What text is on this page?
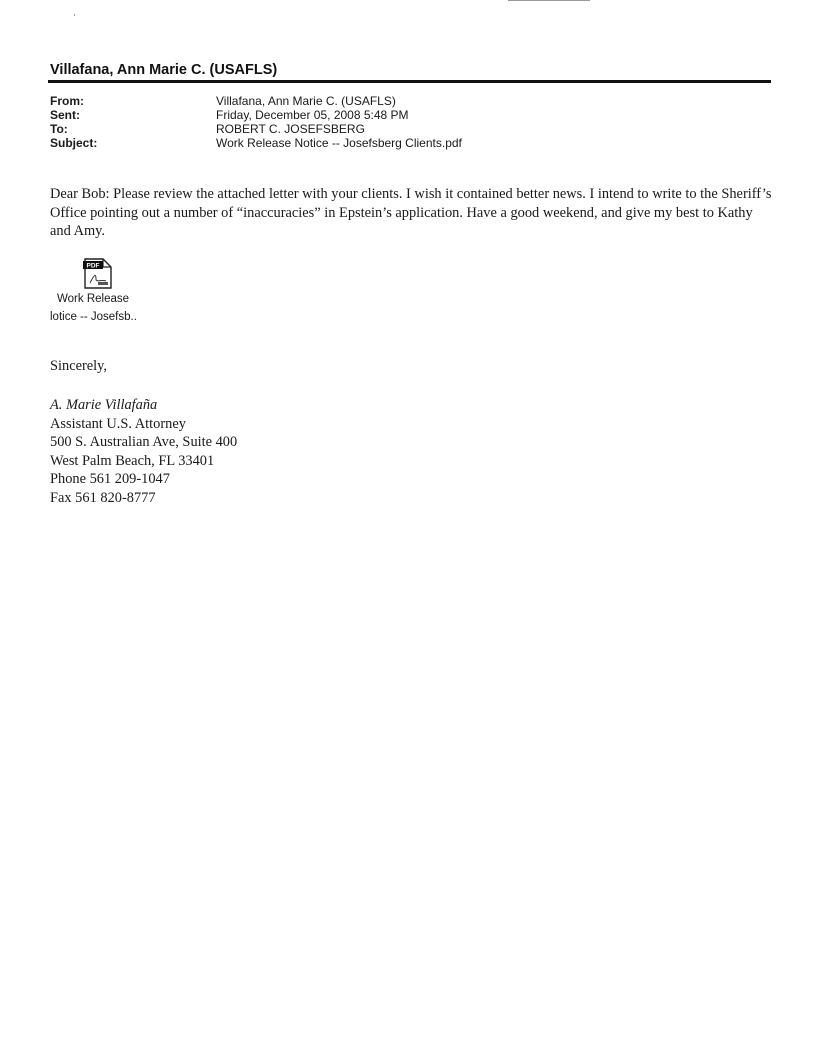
Villafana, Ann Marie C. (USAFLS)
From:	Villafana, Ann Marie C. (USAFLS)
Sent:	Friday, December 05, 2008 5:48 PM
To:	ROBERT C. JOSEFSBERG
Subject:	Work Release Notice -- Josefsberg Clients.pdf

Dear Bob: Please review the attached letter with your clients. I wish it contained better news. I intend to write to the Sheriff’s Office pointing out a number of “inaccuracies” in Epstein’s application. Have a good weekend, and give my best to Kathy and Amy.

PDF
Work Release
lotice -- Josefsb..
Sincerely,
A. Marie Villafaña
Assistant U.S. Attorney
500 S. Australian Ave, Suite 400
West Palm Beach, FL 33401
Phone 561 209-1047
Fax 561 820-8777
